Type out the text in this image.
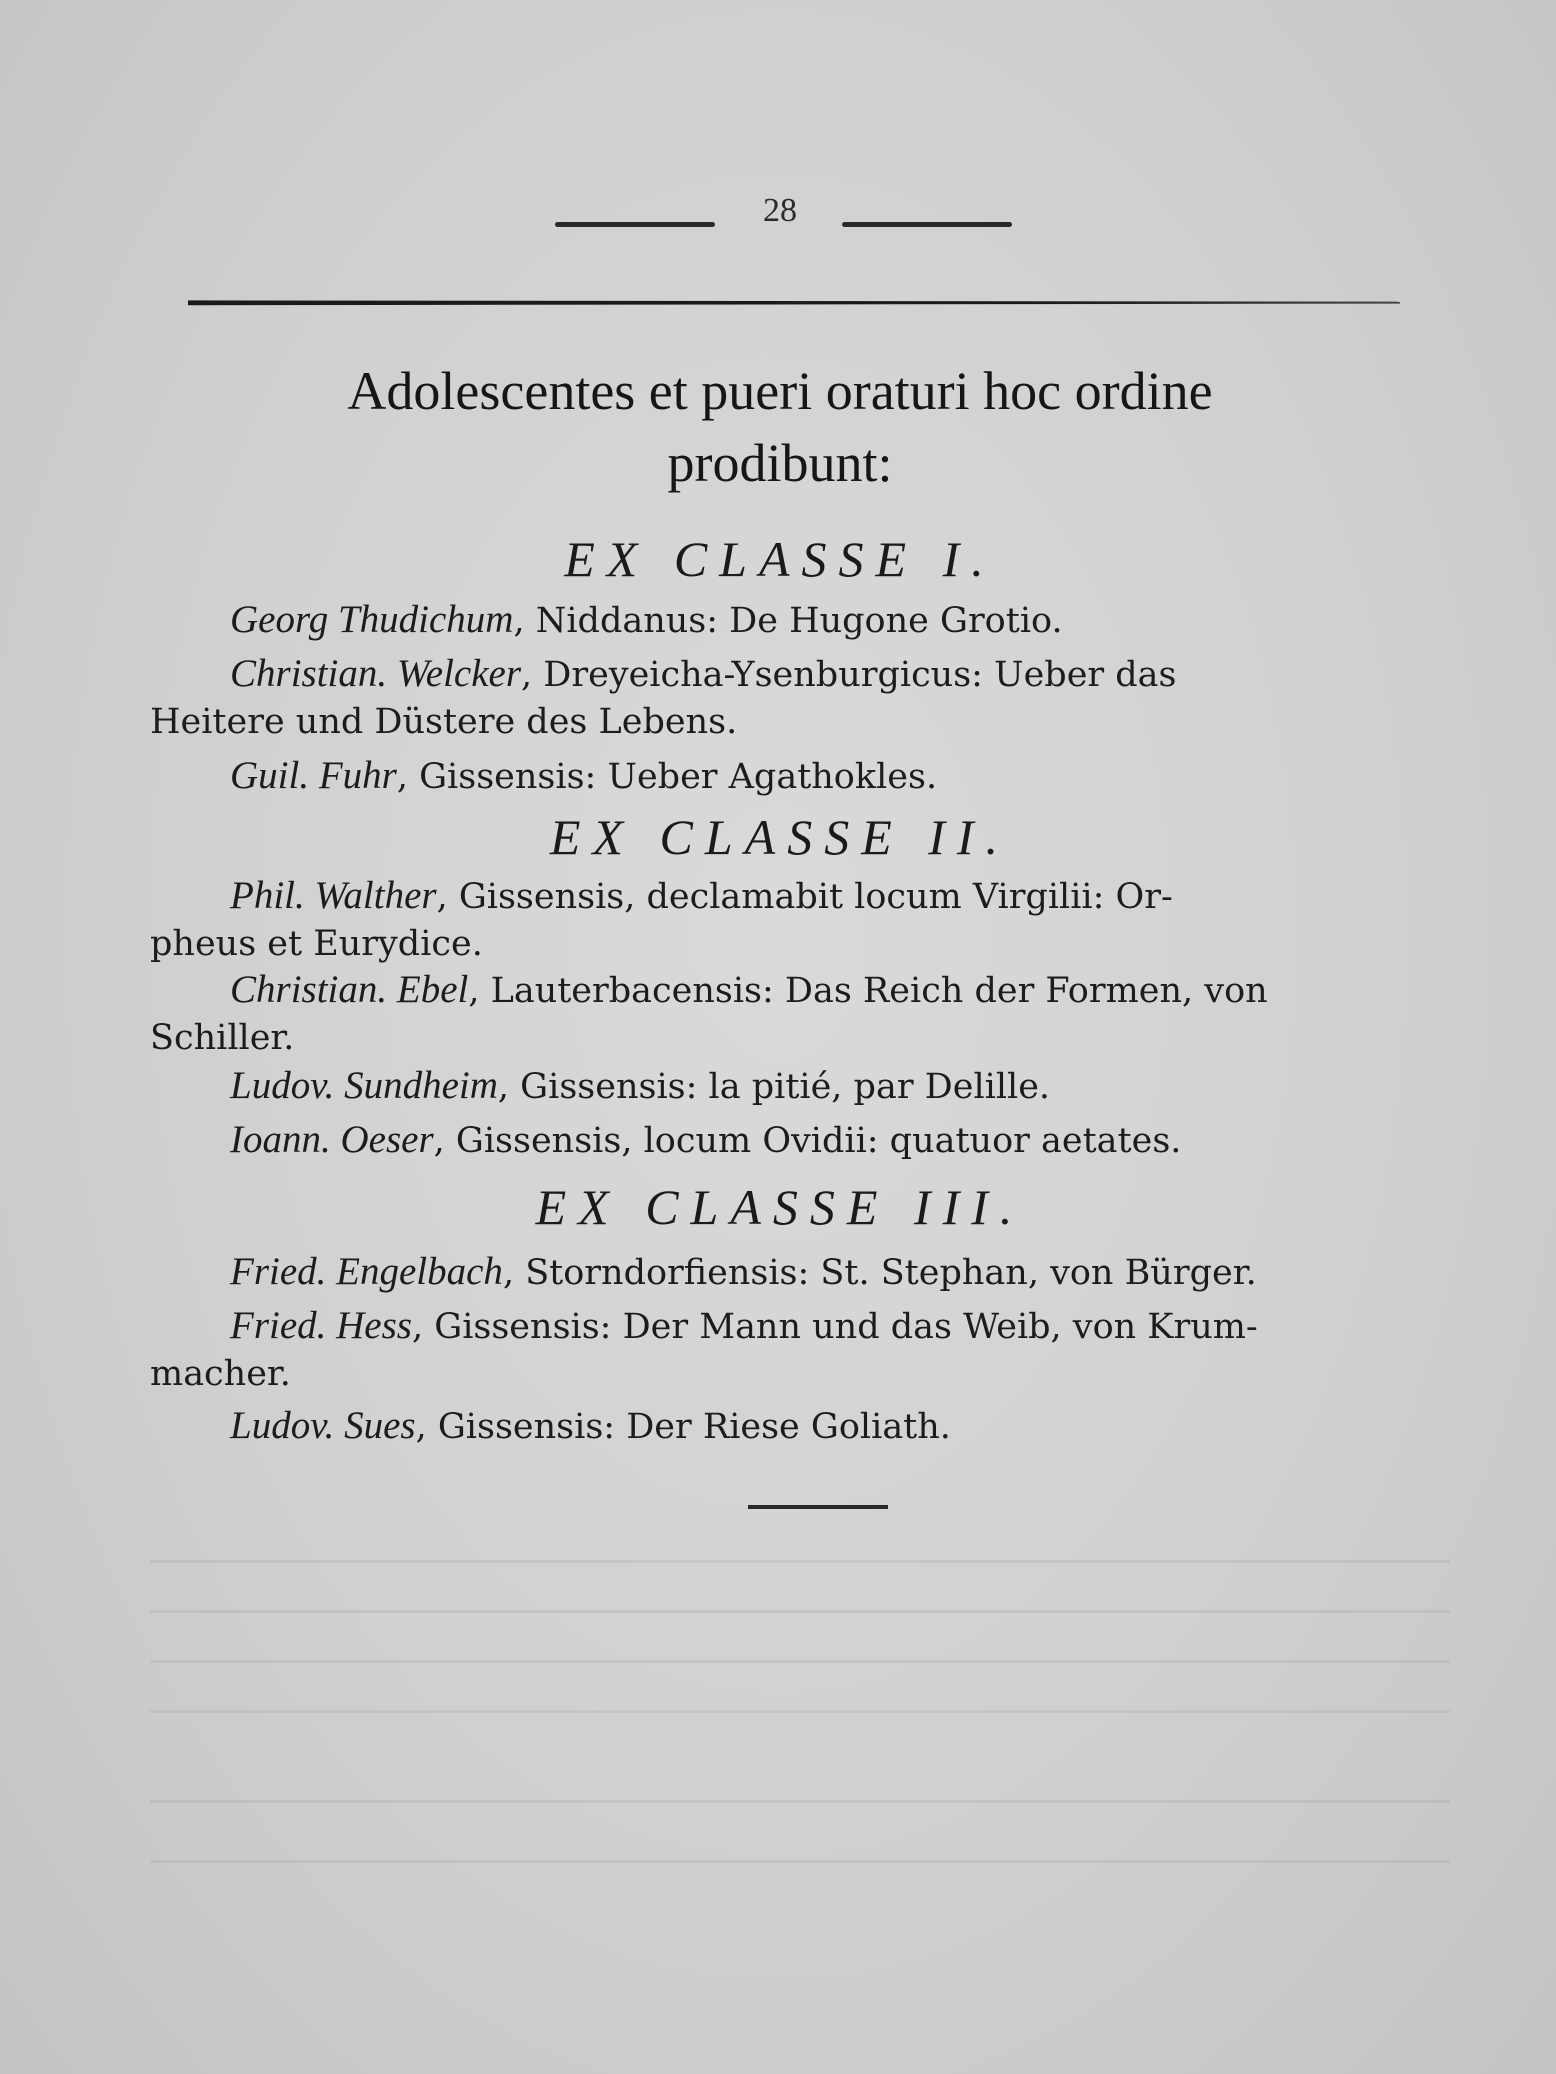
28
Adolescentes et pueri oraturi hoc ordine
prodibunt:
EX CLASSE I.
Georg Thudichum, Niddanus: De Hugone Grotio.
Christian. Welcker, Dreyeicha-Ysenburgicus: Ueber das
Heitere und Düstere des Lebens.
Guil. Fuhr, Gissensis: Ueber Agathokles.
EX CLASSE II.
Phil. Walther, Gissensis, declamabit locum Virgilii: Or-
pheus et Eurydice.
Christian. Ebel, Lauterbacensis: Das Reich der Formen, von
Schiller.
Ludov. Sundheim, Gissensis: la pitié, par Delille.
Ioann. Oeser, Gissensis, locum Ovidii: quatuor aetates.
EX CLASSE III.
Fried. Engelbach, Storndorfiensis: St. Stephan, von Bürger.
Fried. Hess, Gissensis: Der Mann und das Weib, von Krum-
macher.
Ludov. Sues, Gissensis: Der Riese Goliath.
